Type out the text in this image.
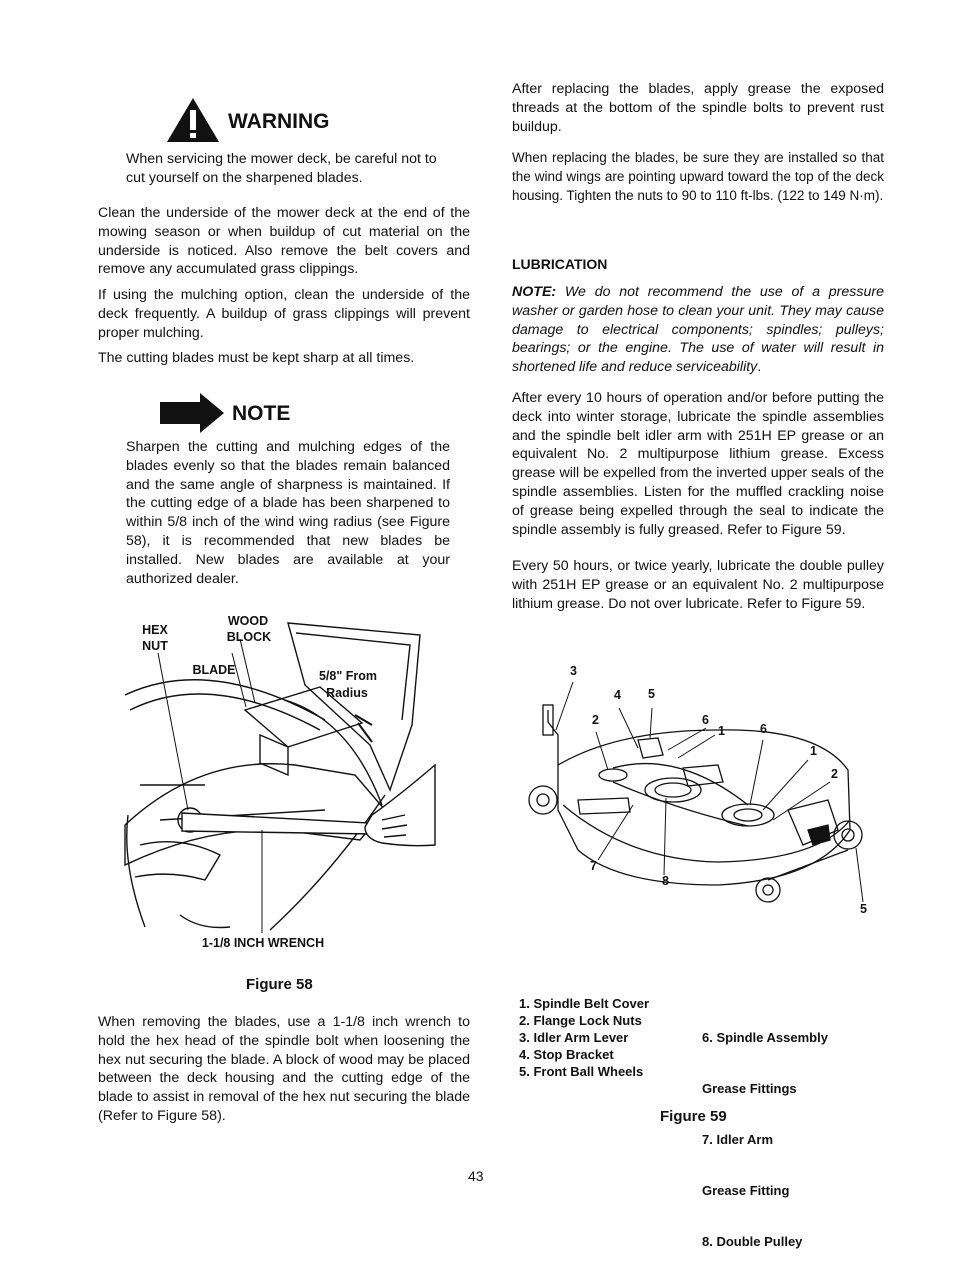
WARNING

When servicing the mower deck, be careful not to cut yourself on the sharpened blades.

Clean the underside of the mower deck at the end of the mowing season or when buildup of cut material on the underside is noticed. Also remove the belt covers and remove any accumulated grass clippings.

If using the mulching option, clean the underside of the deck frequently. A buildup of grass clippings will prevent proper mulching.

The cutting blades must be kept sharp at all times.

NOTE

Sharpen the cutting and mulching edges of the blades evenly so that the blades remain balanced and the same angle of sharpness is maintained. If the cutting edge of a blade has been sharpened to within 5/8 inch of the wind wing radius (see Figure 58), it is recommended that new blades be installed. New blades are available at your authorized dealer.

HEX
NUT
WOOD
BLOCK
BLADE	5/8" From
Radius
1-1/8 INCH WRENCH
Figure 58

When removing the blades, use a 1-1/8 inch wrench to hold the hex head of the spindle bolt when loosening the hex nut securing the blade. A block of wood may be placed between the deck housing and the cutting edge of the blade to assist in removal of the hex nut securing the blade (Refer to Figure 58).

After replacing the blades, apply grease the exposed threads at the bottom of the spindle bolts to prevent rust buildup.

When replacing the blades, be sure they are installed so that the wind wings are pointing upward toward the top of the deck housing. Tighten the nuts to 90 to 110 ft-lbs. (122 to 149 N·m).

LUBRICATION

NOTE: We do not recommend the use of a pressure washer or garden hose to clean your unit. They may cause damage to electrical components; spindles; pulleys; bearings; or the engine. The use of water will result in shortened life and reduce serviceability.

After every 10 hours of operation and/or before putting the deck into winter storage, lubricate the spindle assemblies and the spindle belt idler arm with 251H EP grease or an equivalent No. 2 multipurpose lithium grease. Excess grease will be expelled from the inverted upper seals of the spindle assemblies. Listen for the muffled crackling noise of grease being expelled through the seal to indicate the spindle assembly is fully greased. Refer to Figure 59.

Every 50 hours, or twice yearly, lubricate the double pulley with 251H EP grease or an equivalent No. 2 multipurpose lithium grease. Do not over lubricate. Refer to Figure 59.

3
4 5
2	6
1	6
1
2
7
8
5
1. Spindle Belt Cover
2. Flange Lock Nuts
3. Idler Arm Lever
4. Stop Bracket
5. Front Ball Wheels

6. Spindle Assembly

Grease Fittings

7. Idler Arm

Grease Fitting

8. Double Pulley

Figure 59
43
